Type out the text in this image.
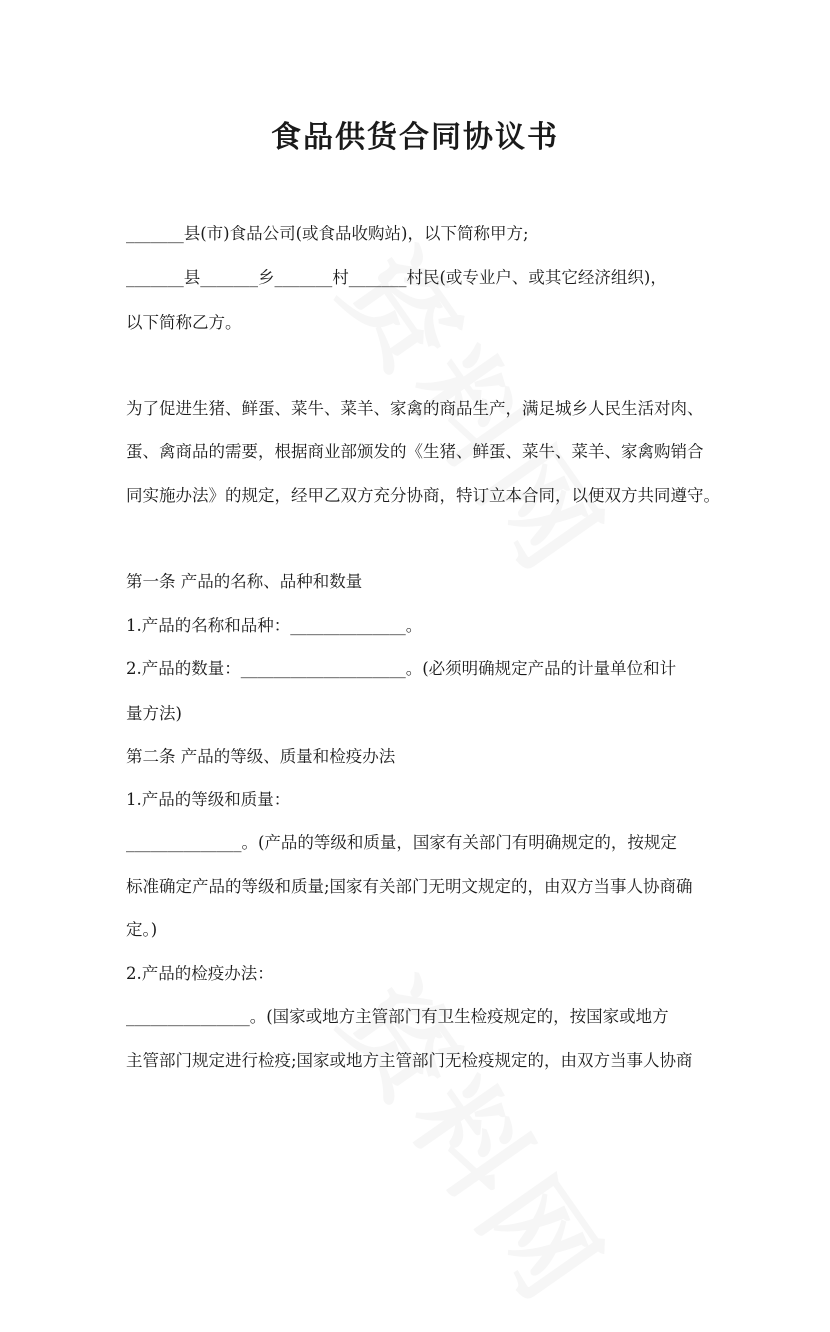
食品供货合同协议书

_______县(市)食品公司(或食品收购站)，以下简称甲方;

_______县_______乡_______村_______村民(或专业户、或其它经济组织)，

以下简称乙方。

为了促进生猪、鲜蛋、菜牛、菜羊、家禽的商品生产，满足城乡人民生活对肉、

蛋、禽商品的需要，根据商业部颁发的《生猪、鲜蛋、菜牛、菜羊、家禽购销合

同实施办法》的规定，经甲乙双方充分协商，特订立本合同，以便双方共同遵守。

第一条 产品的名称、品种和数量

1.产品的名称和品种：______________。

2.产品的数量：____________________。(必须明确规定产品的计量单位和计

量方法)

第二条 产品的等级、质量和检疫办法

1.产品的等级和质量：

______________。(产品的等级和质量，国家有关部门有明确规定的，按规定

标准确定产品的等级和质量;国家有关部门无明文规定的，由双方当事人协商确

定。)

2.产品的检疫办法：

_______________。(国家或地方主管部门有卫生检疫规定的，按国家或地方

主管部门规定进行检疫;国家或地方主管部门无检疫规定的，由双方当事人协商
